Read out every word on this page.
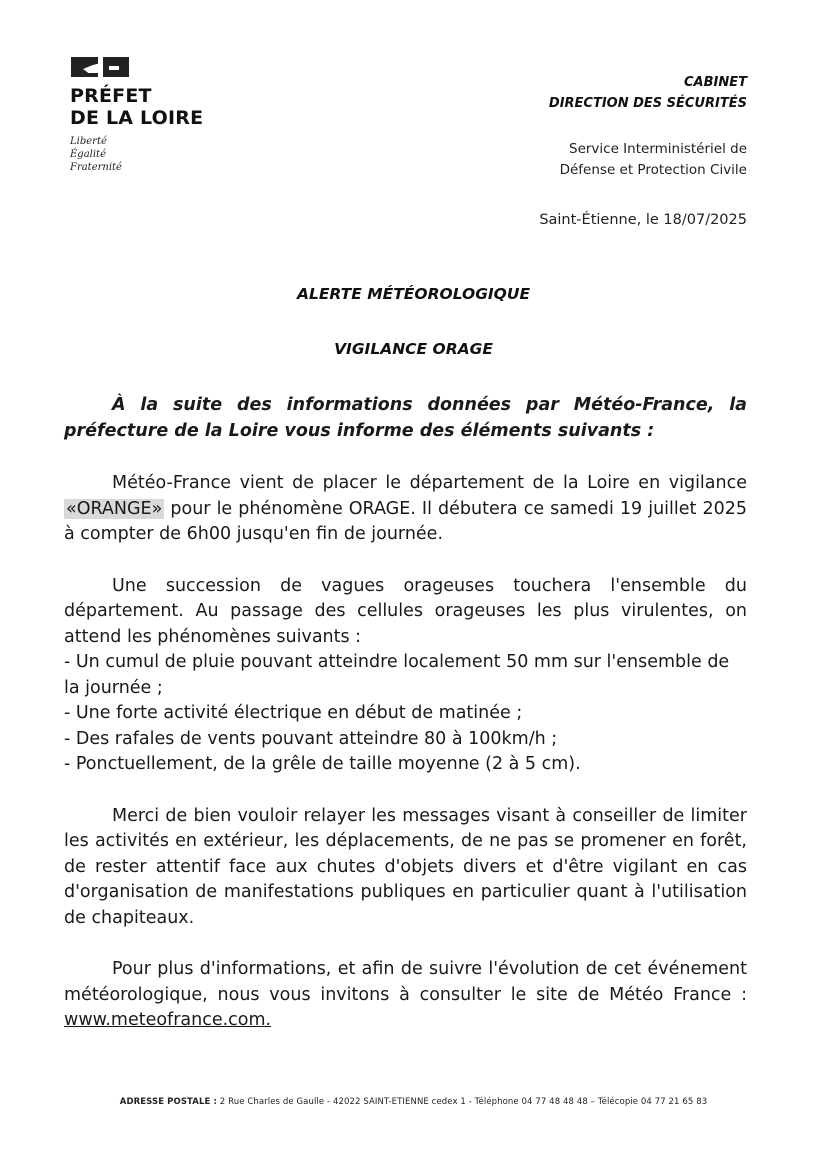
PRÉFET
DE LA LOIRE
Liberté
Égalité
Fraternité
CABINET
DIRECTION DES SÉCURITÉS
Service Interministériel de
Défense et Protection Civile
Saint-Étienne, le 18/07/2025
ALERTE MÉTÉOROLOGIQUE
VIGILANCE ORAGE

À la suite des informations données par Météo-France, la préfecture de la Loire vous informe des éléments suivants :

Météo-France vient de placer le département de la Loire en vigilance «ORANGE» pour le phénomène ORAGE. Il débutera ce samedi 19 juillet 2025 à compter de 6h00 jusqu'en fin de journée.

Une succession de vagues orageuses touchera l'ensemble du département. Au passage des cellules orageuses les plus virulentes, on attend les phénomènes suivants :

- Un cumul de pluie pouvant atteindre localement 50 mm sur l'ensemble de la journée ;

- Une forte activité électrique en début de matinée ;

- Des rafales de vents pouvant atteindre 80 à 100km/h ;

- Ponctuellement, de la grêle de taille moyenne (2 à 5 cm).

Merci de bien vouloir relayer les messages visant à conseiller de limiter les activités en extérieur, les déplacements, de ne pas se promener en forêt, de rester attentif face aux chutes d'objets divers et d'être vigilant en cas d'organisation de manifestations publiques en particulier quant à l'utilisation de chapiteaux.

Pour plus d'informations, et afin de suivre l'évolution de cet événement météorologique, nous vous invitons à consulter le site de Météo France : www.meteofrance.com.

ADRESSE POSTALE : 2 Rue Charles de Gaulle - 42022 SAINT-ETIENNE cedex 1 - Téléphone 04 77 48 48 48 – Télécopie 04 77 21 65 83
